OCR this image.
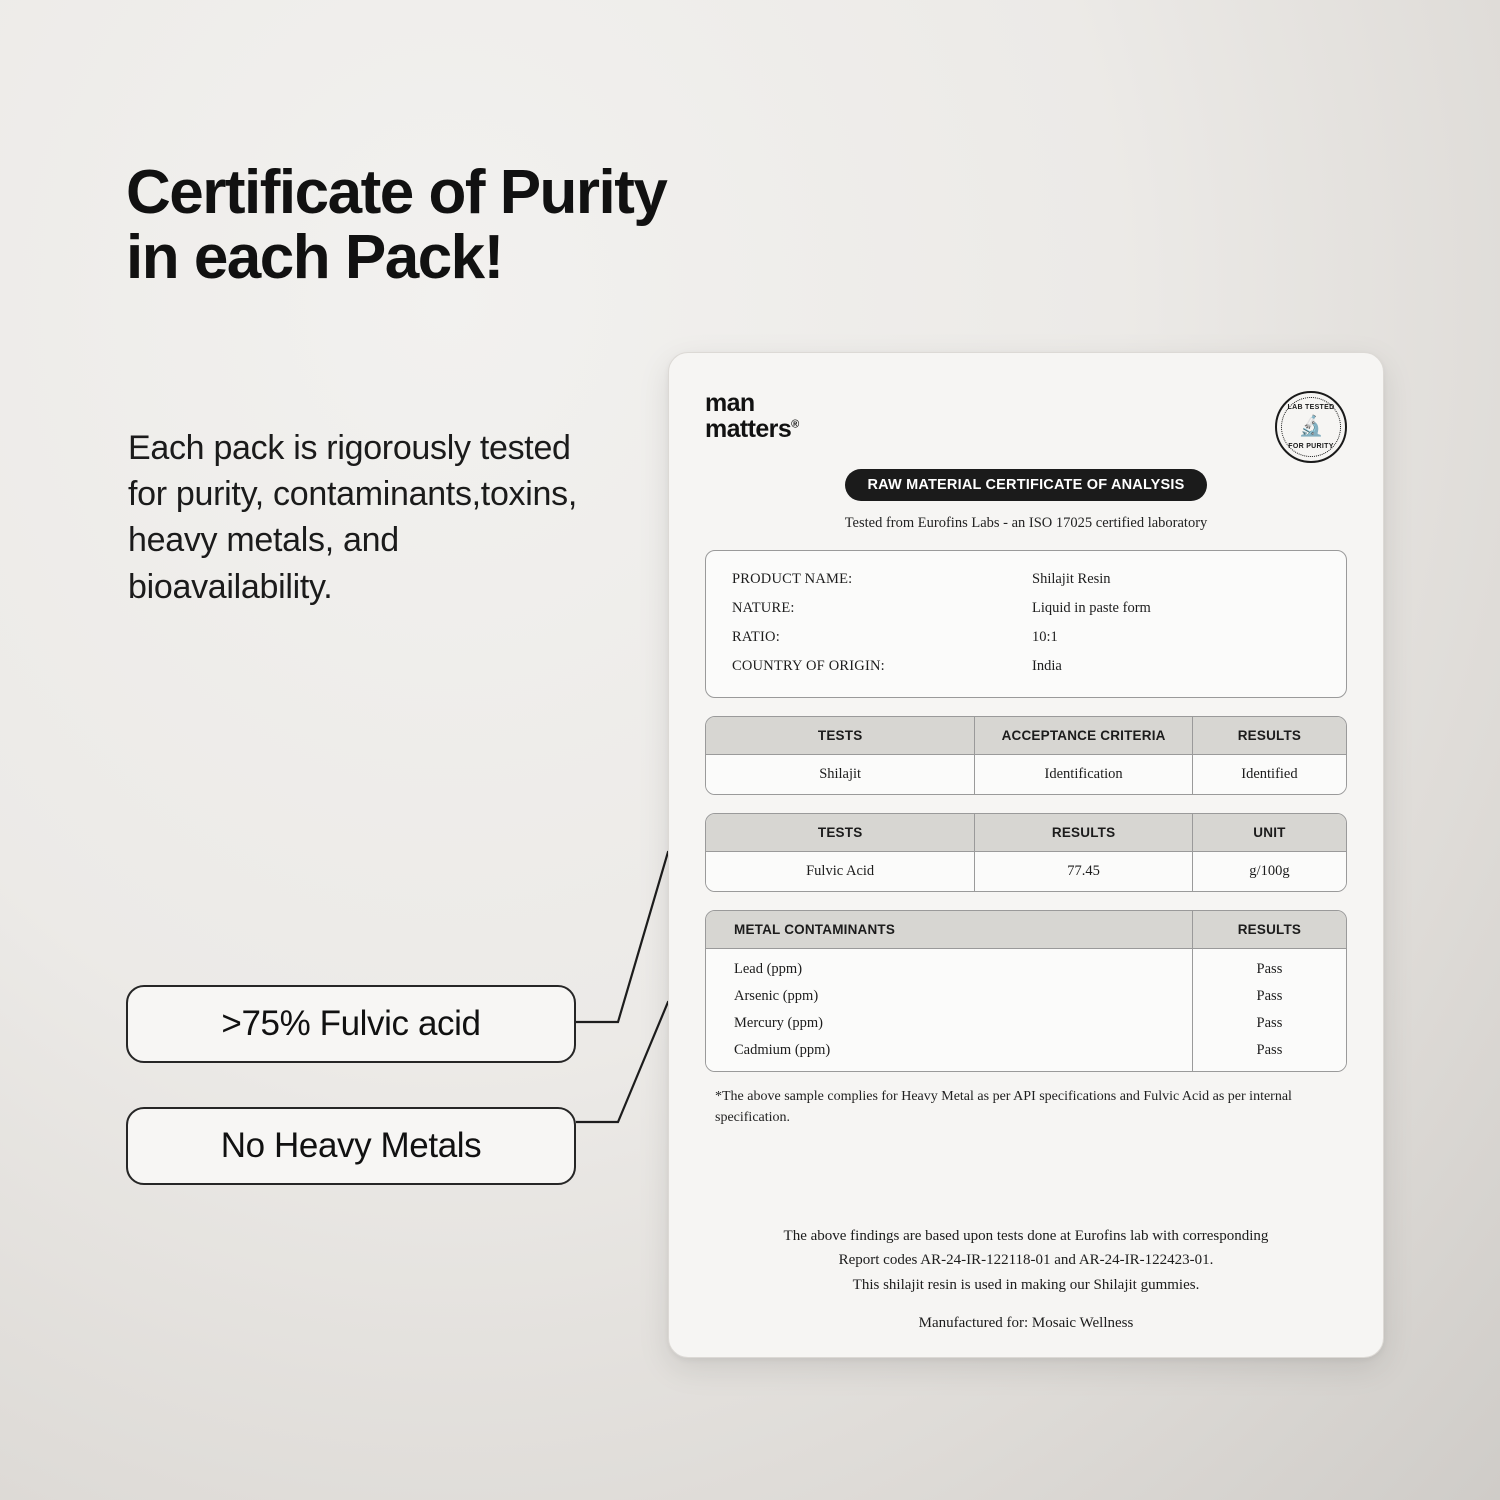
Certificate of Purity
in each Pack!
Each pack is rigorously tested for purity, contaminants,toxins, heavy metals, and bioavailability.
>75% Fulvic acid
No Heavy Metals
man
matters®
LAB TESTED
🔬
FOR PURITY
RAW MATERIAL CERTIFICATE OF ANALYSIS
Tested from Eurofins Labs - an ISO 17025 certified laboratory
PRODUCT NAME:	Shilajit Resin
NATURE:	Liquid in paste form
RATIO:	10:1
COUNTRY OF ORIGIN:	India
TESTS	ACCEPTANCE CRITERIA	RESULTS
Shilajit	Identification	Identified
TESTS	RESULTS	UNIT
Fulvic Acid	77.45	g/100g
METAL CONTAMINANTS	RESULTS
Lead (ppm)	Pass
Arsenic (ppm)	Pass
Mercury (ppm)	Pass
Cadmium (ppm)	Pass
*The above sample complies for Heavy Metal as per API specifications and Fulvic Acid as per internal specification.
The above findings are based upon tests done at Eurofins lab with corresponding
Report codes AR-24-IR-122118-01 and AR-24-IR-122423-01.
This shilajit resin is used in making our Shilajit gummies.
Manufactured for: Mosaic Wellness
